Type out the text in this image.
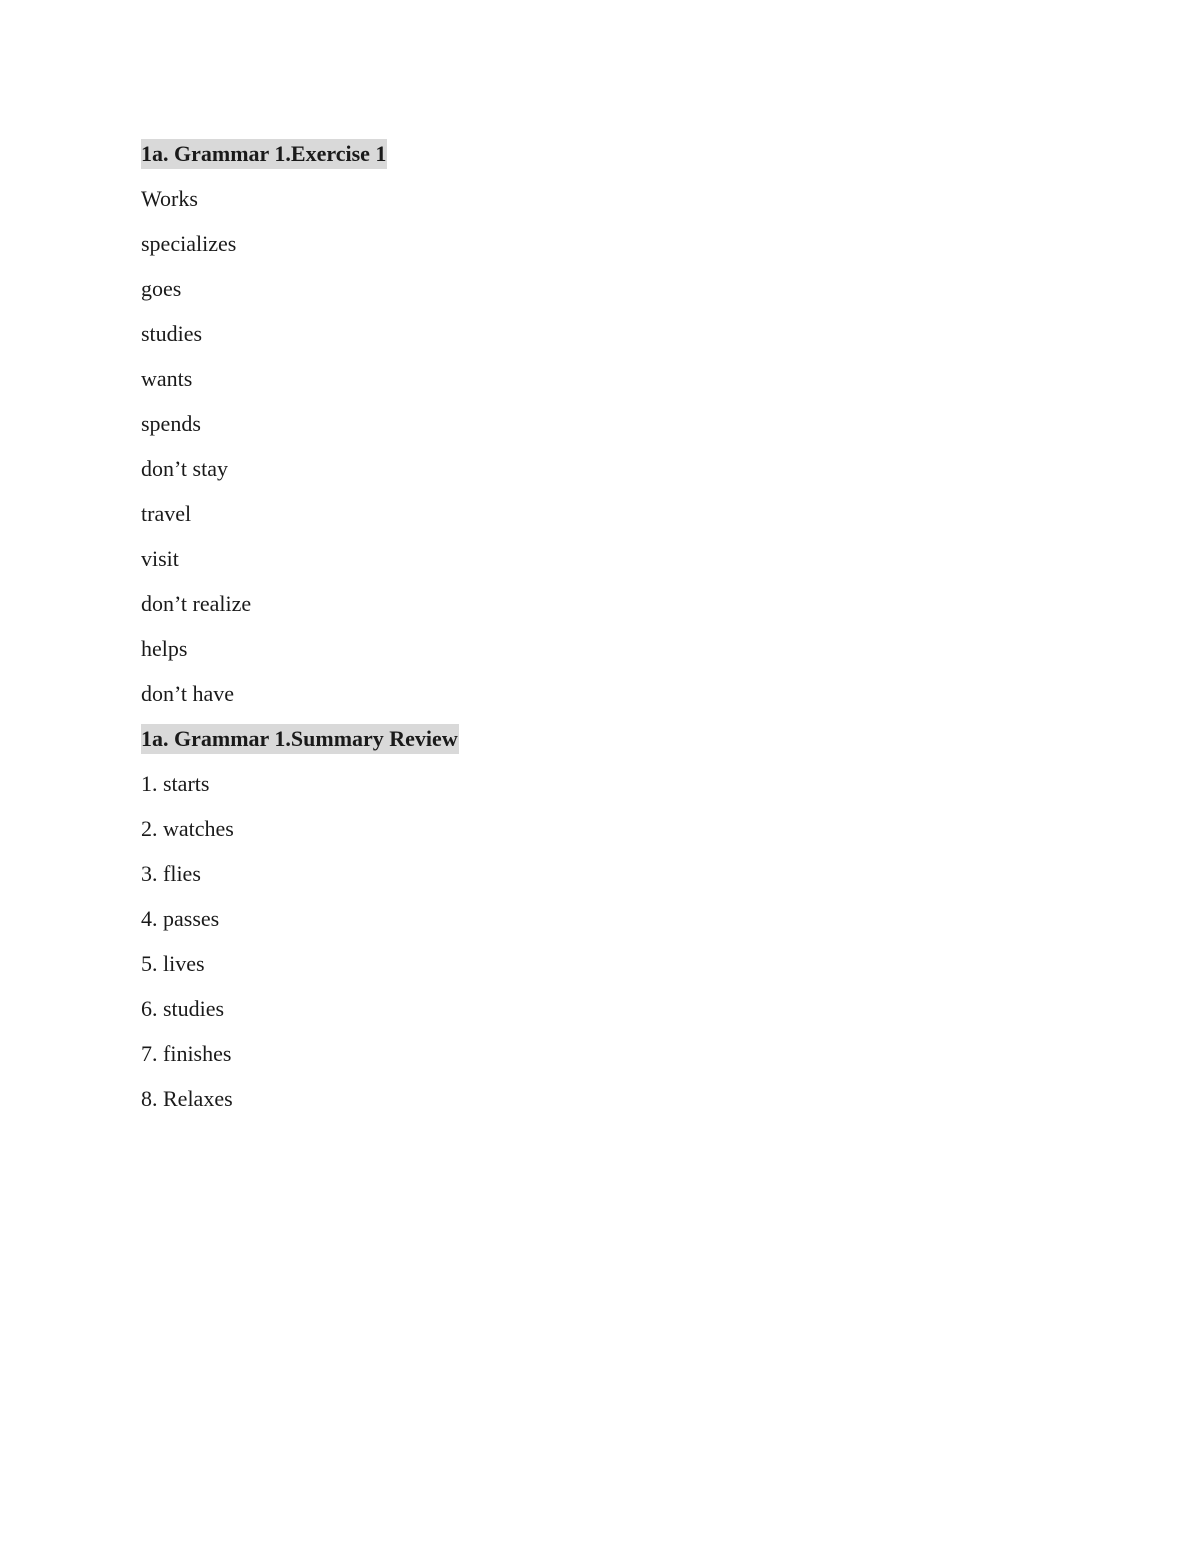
1a. Grammar 1.Exercise 1
Works
specializes
goes
studies
wants
spends
don’t stay
travel
visit
don’t realize
helps
don’t have
1a. Grammar 1.Summary Review
1. starts
2. watches
3. flies
4. passes
5. lives
6. studies
7. finishes
8. Relaxes
